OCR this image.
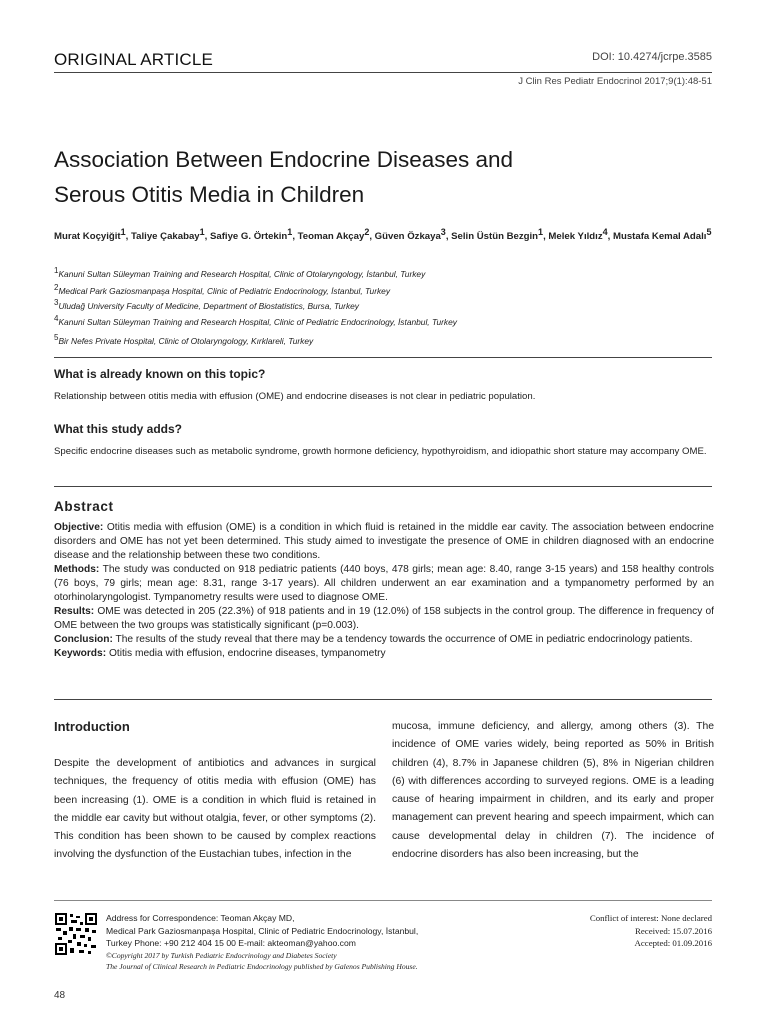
ORIGINAL ARTICLE	DOI: 10.4274/jcrpe.3585
J Clin Res Pediatr Endocrinol 2017;9(1):48-51
Association Between Endocrine Diseases and
Serous Otitis Media in Children
Murat Koçyiğit$^1$, Taliye Çakabay$^1$, Safiye G. Örtekin$^1$, Teoman Akçay$^2$, Güven Özkaya$^3$, Selin Üstün Bezgin$^1$, Melek Yıldız$^4$, Mustafa Kemal Adalı$^5$
$^1$Kanuni Sultan Süleyman Training and Research Hospital, Clinic of Otolaryngology, İstanbul, Turkey
$^2$Medical Park Gaziosmanpaşa Hospital, Clinic of Pediatric Endocrinology, İstanbul, Turkey
$^3$Uludağ University Faculty of Medicine, Department of Biostatistics, Bursa, Turkey
$^4$Kanuni Sultan Süleyman Training and Research Hospital, Clinic of Pediatric Endocrinology, İstanbul, Turkey
$^5$Bir Nefes Private Hospital, Clinic of Otolaryngology, Kırklareli, Turkey
What is already known on this topic?
Relationship between otitis media with effusion (OME) and endocrine diseases is not clear in pediatric population.
What this study adds?
Specific endocrine diseases such as metabolic syndrome, growth hormone deficiency, hypothyroidism, and idiopathic short stature may accompany OME.
Abstract

Objective: Otitis media with effusion (OME) is a condition in which fluid is retained in the middle ear cavity. The association between endocrine disorders and OME has not yet been determined. This study aimed to investigate the presence of OME in children diagnosed with an endocrine disease and the relationship between these two conditions.

Methods: The study was conducted on 918 pediatric patients (440 boys, 478 girls; mean age: 8.40, range 3-15 years) and 158 healthy controls (76 boys, 79 girls; mean age: 8.31, range 3-17 years). All children underwent an ear examination and a tympanometry performed by an otorhinolaryngologist. Tympanometry results were used to diagnose OME.

Results: OME was detected in 205 (22.3%) of 918 patients and in 19 (12.0%) of 158 subjects in the control group. The difference in frequency of OME between the two groups was statistically significant (p=0.003).

Conclusion: The results of the study reveal that there may be a tendency towards the occurrence of OME in pediatric endocrinology patients.

Keywords: Otitis media with effusion, endocrine diseases, tympanometry

Introduction
Despite the development of antibiotics and advances in surgical techniques, the frequency of otitis media with effusion (OME) has been increasing (1). OME is a condition in which fluid is retained in the middle ear cavity but without otalgia, fever, or other symptoms (2). This condition has been shown to be caused by complex reactions involving the dysfunction of the Eustachian tubes, infection in the
mucosa, immune deficiency, and allergy, among others (3). The incidence of OME varies widely, being reported as 50% in British children (4), 8.7% in Japanese children (5), 8% in Nigerian children (6) with differences according to surveyed regions. OME is a leading cause of hearing impairment in children, and its early and proper management can prevent hearing and speech impairment, which can cause developmental delay in children (7). The incidence of endocrine disorders has also been increasing, but the
Address for Correspondence: Teoman Akçay MD,
Medical Park Gaziosmanpaşa Hospital, Clinic of Pediatric Endocrinology, İstanbul,
Turkey Phone: +90 212 404 15 00 E-mail: akteoman@yahoo.com
©Copyright 2017 by Turkish Pediatric Endocrinology and Diabetes Society
The Journal of Clinical Research in Pediatric Endocrinology published by Galenos Publishing House.
Conflict of interest: None declared
Received: 15.07.2016
Accepted: 01.09.2016
48
